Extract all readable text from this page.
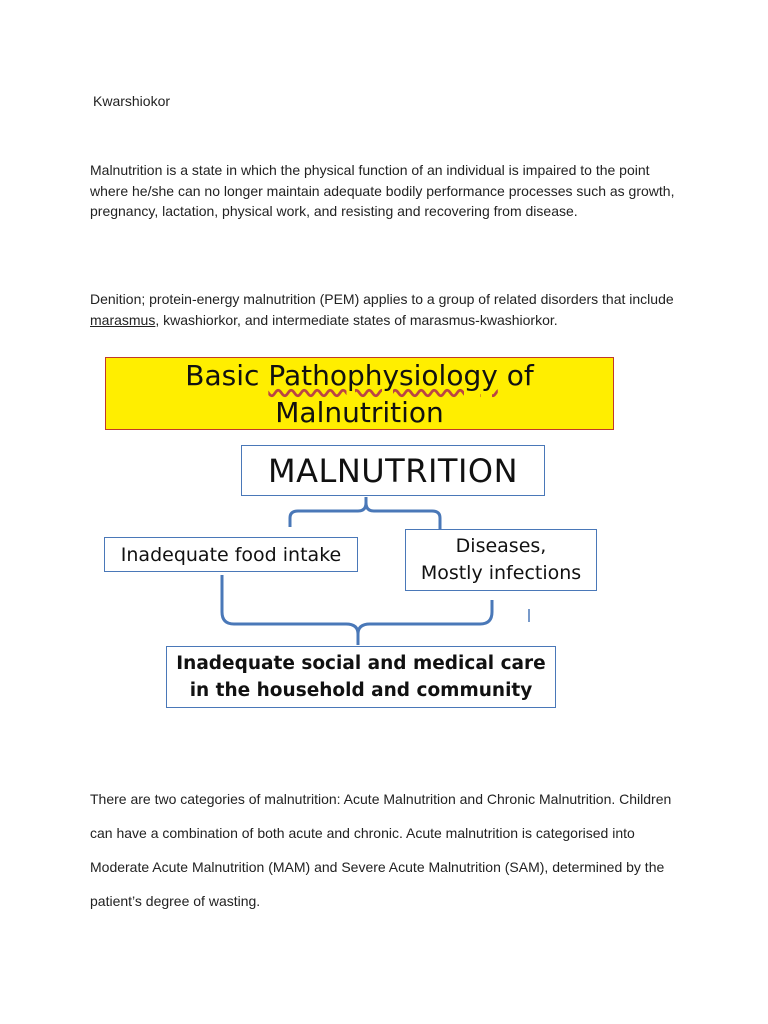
Kwarshiokor
Malnutrition is a state in which the physical function of an individual is impaired to the point where he/she can no longer maintain adequate bodily performance processes such as growth, pregnancy, lactation, physical work, and resisting and recovering from disease.
Denition; protein-energy malnutrition (PEM) applies to a group of related disorders that include marasmus, kwashiorkor, and intermediate states of marasmus-kwashiorkor.
Basic Pathophysiology of
Malnutrition
MALNUTRITION
Inadequate food intake	Diseases,
Mostly infections
Inadequate social and medical care
in the household and community
There are two categories of malnutrition: Acute Malnutrition and Chronic Malnutrition. Children can have a combination of both acute and chronic. Acute malnutrition is categorised into Moderate Acute Malnutrition (MAM) and Severe Acute Malnutrition (SAM), determined by the patient’s degree of wasting.
